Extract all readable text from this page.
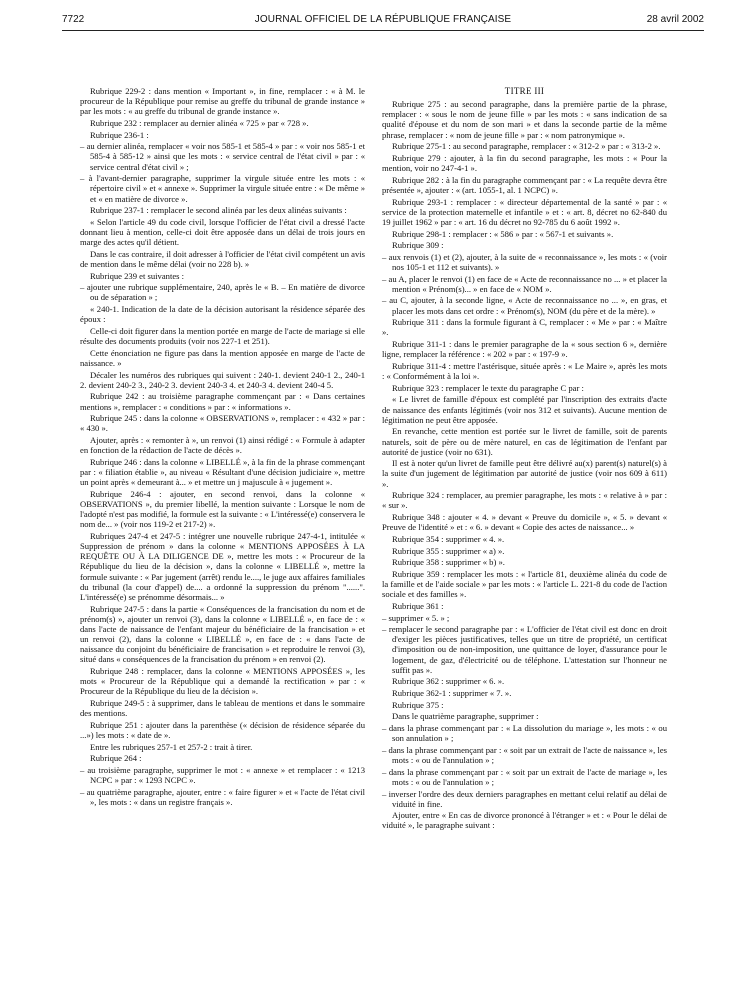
7722	JOURNAL OFFICIEL DE LA RÉPUBLIQUE FRANÇAISE	28 avril 2002

Rubrique 229-2 : dans mention « Important », in fine, remplacer : « à M. le procureur de la République pour remise au greffe du tribunal de grande instance » par les mots : « au greffe du tribunal de grande instance ».

Rubrique 232 : remplacer au dernier alinéa « 725 » par « 728 ».

Rubrique 236-1 :

– au dernier alinéa, remplacer « voir nos 585-1 et 585-4 » par : « voir nos 585-1 et 585-4 à 585-12 » ainsi que les mots : « service central de l'état civil » par : « service central d'état civil » ;

– à l'avant-dernier paragraphe, supprimer la virgule située entre les mots : « répertoire civil » et « annexe ». Supprimer la virgule située entre : « De même » et « en matière de divorce ».

Rubrique 237-1 : remplacer le second alinéa par les deux alinéas suivants :

« Selon l'article 49 du code civil, lorsque l'officier de l'état civil a dressé l'acte donnant lieu à mention, celle-ci doit être apposée dans un délai de trois jours en marge des actes qu'il détient.

Dans le cas contraire, il doit adresser à l'officier de l'état civil compétent un avis de mention dans le même délai (voir no 228 b). »

Rubrique 239 et suivantes :

– ajouter une rubrique supplémentaire, 240, après le « B. – En matière de divorce ou de séparation » ;

« 240-1. Indication de la date de la décision autorisant la résidence séparée des époux :

Celle-ci doit figurer dans la mention portée en marge de l'acte de mariage si elle résulte des documents produits (voir nos 227-1 et 251).

Cette énonciation ne figure pas dans la mention apposée en marge de l'acte de naissance. »

Décaler les numéros des rubriques qui suivent : 240-1. devient 240-1 2., 240-1 2. devient 240-2 3., 240-2 3. devient 240-3 4. et 240-3 4. devient 240-4 5.

Rubrique 242 : au troisième paragraphe commençant par : « Dans certaines mentions », remplacer : « conditions » par : « informations ».

Rubrique 245 : dans la colonne « OBSERVATIONS », remplacer : « 432 » par : « 430 ».

Ajouter, après : « remonter à », un renvoi (1) ainsi rédigé : « Formule à adapter en fonction de la rédaction de l'acte de décès ».

Rubrique 246 : dans la colonne « LIBELLÉ », à la fin de la phrase commençant par : « filiation établie », au niveau « Résultant d'une décision judiciaire », mettre un point après « demeurant à... » et mettre un j majuscule à « jugement ».

Rubrique 246-4 : ajouter, en second renvoi, dans la colonne « OBSERVATIONS », du premier libellé, la mention suivante : Lorsque le nom de l'adopté n'est pas modifié, la formule est la suivante : « L'intéressé(e) conservera le nom de... » (voir nos 119-2 et 217-2) ».

Rubriques 247-4 et 247-5 : intégrer une nouvelle rubrique 247-4-1, intitulée « Suppression de prénom » dans la colonne « MENTIONS APPOSÉES À LA REQUÊTE OU À LA DILIGENCE DE », mettre les mots : « Procureur de la République du lieu de la décision », dans la colonne « LIBELLÉ », mettre la formule suivante : « Par jugement (arrêt) rendu le...., le juge aux affaires familiales du tribunal (la cour d'appel) de.... a ordonné la suppression du prénom "......". L'intéressé(e) se prénomme désormais... »

Rubrique 247-5 : dans la partie « Conséquences de la francisation du nom et de prénom(s) », ajouter un renvoi (3), dans la colonne « LIBELLÉ », en face de : « dans l'acte de naissance de l'enfant majeur du bénéficiaire de la francisation » et un renvoi (2), dans la colonne « LIBELLÉ », en face de : « dans l'acte de naissance du conjoint du bénéficiaire de francisation » et reproduire le renvoi (3), situé dans « conséquences de la francisation du prénom » en renvoi (2).

Rubrique 248 : remplacer, dans la colonne « MENTIONS APPOSÉES », les mots « Procureur de la République qui a demandé la rectification » par : « Procureur de la République du lieu de la décision ».

Rubrique 249-5 : à supprimer, dans le tableau de mentions et dans le sommaire des mentions.

Rubrique 251 : ajouter dans la parenthèse (« décision de résidence séparée du ...») les mots : « date de ».

Entre les rubriques 257-1 et 257-2 : trait à tirer.

Rubrique 264 :

– au troisième paragraphe, supprimer le mot : « annexe » et remplacer : « 1213 NCPC » par : « 1293 NCPC ».

– au quatrième paragraphe, ajouter, entre : « faire figurer » et « l'acte de l'état civil », les mots : « dans un registre français ».

TITRE III

Rubrique 275 : au second paragraphe, dans la première partie de la phrase, remplacer : « sous le nom de jeune fille » par les mots : « sans indication de sa qualité d'épouse et du nom de son mari » et dans la seconde partie de la même phrase, remplacer : « nom de jeune fille » par : « nom patronymique ».

Rubrique 275-1 : au second paragraphe, remplacer : « 312-2 » par : « 313-2 ».

Rubrique 279 : ajouter, à la fin du second paragraphe, les mots : « Pour la mention, voir no 247-4-1 ».

Rubrique 282 : à la fin du paragraphe commençant par : « La requête devra être présentée », ajouter : « (art. 1055-1, al. 1 NCPC) ».

Rubrique 293-1 : remplacer : « directeur départemental de la santé » par : « service de la protection maternelle et infantile » et : « art. 8, décret no 62-840 du 19 juillet 1962 » par : « art. 16 du décret no 92-785 du 6 août 1992 ».

Rubrique 298-1 : remplacer : « 586 » par : « 567-1 et suivants ».

Rubrique 309 :

– aux renvois (1) et (2), ajouter, à la suite de « reconnaissance », les mots : « (voir nos 105-1 et 112 et suivants). »

– au A, placer le renvoi (1) en face de « Acte de reconnaissance no ... » et placer la mention « Prénom(s)... » en face de « NOM ».

– au C, ajouter, à la seconde ligne, « Acte de reconnaissance no ... », en gras, et placer les mots dans cet ordre : « Prénom(s), NOM (du père et de la mère). »

Rubrique 311 : dans la formule figurant à C, remplacer : « Me » par : « Maître ».

Rubrique 311-1 : dans le premier paragraphe de la « sous section 6 », dernière ligne, remplacer la référence : « 202 » par : « 197-9 ».

Rubrique 311-4 : mettre l'astérisque, située après : « Le Maire », après les mots : « Conformément à la loi ».

Rubrique 323 : remplacer le texte du paragraphe C par :

« Le livret de famille d'époux est complété par l'inscription des extraits d'acte de naissance des enfants légitimés (voir nos 312 et suivants). Aucune mention de légitimation ne peut être apposée.

En revanche, cette mention est portée sur le livret de famille, soit de parents naturels, soit de père ou de mère naturel, en cas de légitimation de l'enfant par autorité de justice (voir no 631).

Il est à noter qu'un livret de famille peut être délivré au(x) parent(s) naturel(s) à la suite d'un jugement de légitimation par autorité de justice (voir nos 609 à 611) ».

Rubrique 324 : remplacer, au premier paragraphe, les mots : « relative à » par : « sur ».

Rubrique 348 : ajouter « 4. » devant « Preuve du domicile », « 5. » devant « Preuve de l'identité » et : « 6. » devant « Copie des actes de naissance... »

Rubrique 354 : supprimer « 4. ».

Rubrique 355 : supprimer « a) ».

Rubrique 358 : supprimer « b) ».

Rubrique 359 : remplacer les mots : « l'article 81, deuxième alinéa du code de la famille et de l'aide sociale » par les mots : « l'article L. 221-8 du code de l'action sociale et des familles ».

Rubrique 361 :

– supprimer « 5. » ;

– remplacer le second paragraphe par : « L'officier de l'état civil est donc en droit d'exiger les pièces justificatives, telles que un titre de propriété, un certificat d'imposition ou de non-imposition, une quittance de loyer, d'assurance pour le logement, de gaz, d'électricité ou de téléphone. L'attestation sur l'honneur ne suffit pas ».

Rubrique 362 : supprimer « 6. ».

Rubrique 362-1 : supprimer « 7. ».

Rubrique 375 :

Dans le quatrième paragraphe, supprimer :

– dans la phrase commençant par : « La dissolution du mariage », les mots : « ou son annulation » ;

– dans la phrase commençant par : « soit par un extrait de l'acte de naissance », les mots : « ou de l'annulation » ;

– dans la phrase commençant par : « soit par un extrait de l'acte de mariage », les mots : « ou de l'annulation » ;

– inverser l'ordre des deux derniers paragraphes en mettant celui relatif au délai de viduité in fine.

Ajouter, entre « En cas de divorce prononcé à l'étranger » et : « Pour le délai de viduité », le paragraphe suivant :
